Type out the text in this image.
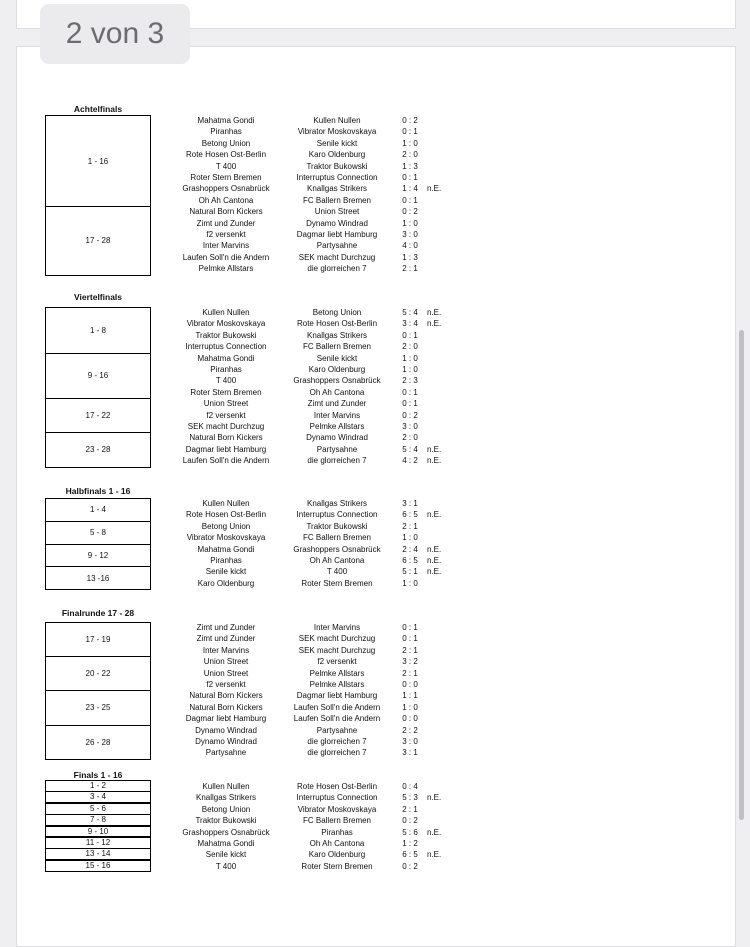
2 von 3
Achtelfinals
1 - 16
17 - 28
Mahatma Gondi	Kullen Nullen	0 : 2
Piranhas	Vibrator Moskovskaya	0 : 1
Betong Union	Senile kickt	1 : 0
Rote Hosen Ost-Berlin	Karo Oldenburg	2 : 0
T 400	Traktor Bukowski	1 : 3
Roter Stern Bremen	Interruptus Connection	0 : 1
Grashoppers Osnabrück	Knallgas Strikers	1 : 4 n.E.
Oh Ah Cantona	FC Ballern Bremen	0 : 1
Natural Born Kickers	Union Street	0 : 2
Zimt und Zunder	Dynamo Windrad	1 : 0
f2 versenkt	Dagmar liebt Hamburg	3 : 0
Inter Marvins	Partysahne	4 : 0
Laufen Soll'n die Andern	SEK macht Durchzug	1 : 3
Pelmke Allstars	die glorreichen 7	2 : 1
Viertelfinals
1 - 8
9 - 16
17 - 22
23 - 28
Kullen Nullen	Betong Union	5 : 4 n.E.
Vibrator Moskovskaya	Rote Hosen Ost-Berlin	3 : 4 n.E.
Traktor Bukowski	Knallgas Strikers	0 : 1
Interruptus Connection	FC Ballern Bremen	2 : 0
Mahatma Gondi	Senile kickt	1 : 0
Piranhas	Karo Oldenburg	1 : 0
T 400	Grashoppers Osnabrück	2 : 3
Roter Stern Bremen	Oh Ah Cantona	0 : 1
Union Street	Zimt und Zunder	0 : 1
f2 versenkt	Inter Marvins	0 : 2
SEK macht Durchzug	Pelmke Allstars	3 : 0
Natural Born Kickers	Dynamo Windrad	2 : 0
Dagmar liebt Hamburg	Partysahne	5 : 4 n.E.
Laufen Soll'n die Andern	die glorreichen 7	4 : 2 n.E.
Halbfinals 1 - 16
1 - 4
5 - 8
9 - 12
13 -16
Kullen Nullen	Knallgas Strikers	3 : 1
Rote Hosen Ost-Berlin	Interruptus Connection	6 : 5 n.E.
Betong Union	Traktor Bukowski	2 : 1
Vibrator Moskovskaya	FC Ballern Bremen	1 : 0
Mahatma Gondi	Grashoppers Osnabrück	2 : 4 n.E.
Piranhas	Oh Ah Cantona	6 : 5 n.E.
Senile kickt	T 400	5 : 1 n.E.
Karo Oldenburg	Roter Stern Bremen	1 : 0
Finalrunde 17 - 28
17 - 19
20 - 22
23 - 25
26 - 28
Zimt und Zunder	Inter Marvins	0 : 1
Zimt und Zunder	SEK macht Durchzug	0 : 1
Inter Marvins	SEK macht Durchzug	2 : 1
Union Street	f2 versenkt	3 : 2
Union Street	Pelmke Allstars	2 : 1
f2 versenkt	Pelmke Allstars	0 : 0
Natural Born Kickers	Dagmar liebt Hamburg	1 : 1
Natural Born Kickers	Laufen Soll'n die Andern	1 : 0
Dagmar liebt Hamburg	Laufen Soll'n die Andern	0 : 0
Dynamo Windrad	Partysahne	2 : 2
Dynamo Windrad	die glorreichen 7	3 : 0
Partysahne	die glorreichen 7	3 : 1
Finals 1 - 16
1 - 2
3 - 4
5 - 6
7 - 8
9 - 10
11 - 12
13 - 14
15 - 16
Kullen Nullen	Rote Hosen Ost-Berlin	0 : 4
Knallgas Strikers	Interruptus Connection	5 : 3 n.E.
Betong Union	Vibrator Moskovskaya	2 : 1
Traktor Bukowski	FC Ballern Bremen	0 : 2
Grashoppers Osnabrück	Piranhas	5 : 6 n.E.
Mahatma Gondi	Oh Ah Cantona	1 : 2
Senile kickt	Karo Oldenburg	6 : 5 n.E.
T 400	Roter Stern Bremen	0 : 2
